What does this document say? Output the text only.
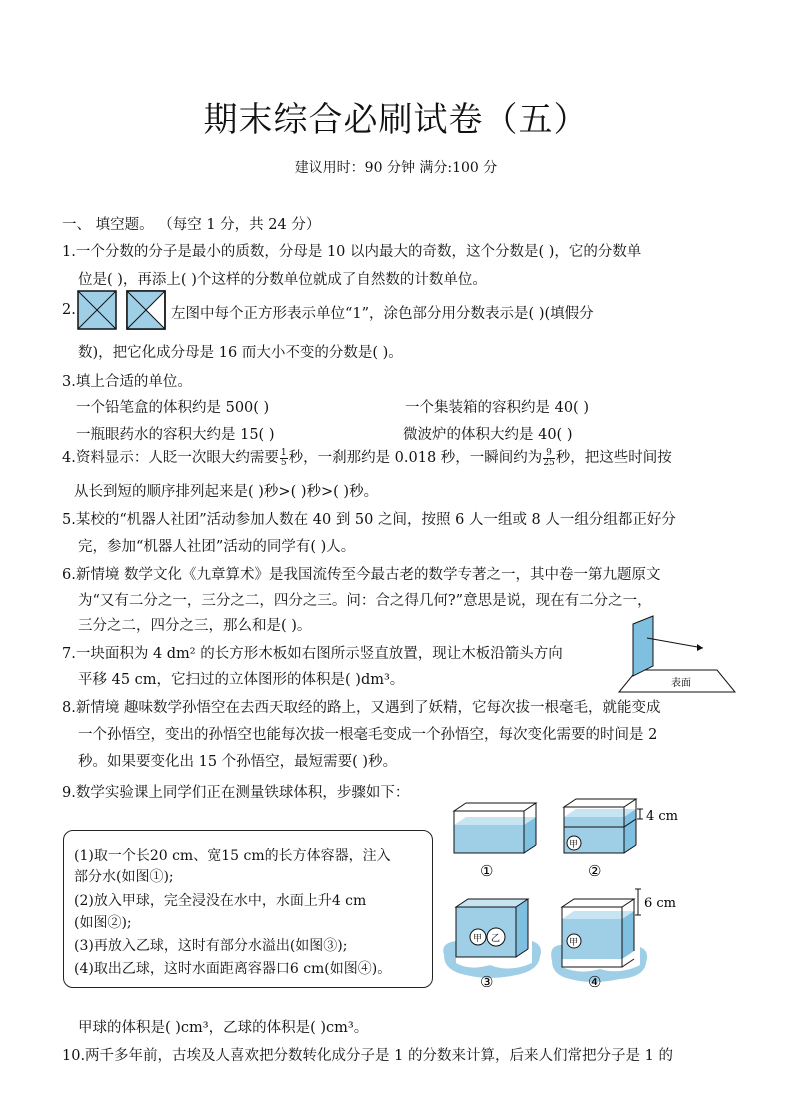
期末综合必刷试卷（五）
建议用时：90 分钟 满分:100 分
一、 填空题。 （每空 1 分，共 24 分）
1.一个分数的分子是最小的质数，分母是 10 以内最大的奇数，这个分数是( )，它的分数单
位是( )，再添上( )个这样的分数单位就成了自然数的计数单位。
2.	左图中每个正方形表示单位“1”，涂色部分用分数表示是( )(填假分
数)，把它化成分母是 16 而大小不变的分数是( )。
3.填上合适的单位。
一个铅笔盒的体积约是 500( )	一个集装箱的容积约是 40( )
一瓶眼药水的容积大约是 15( )	微波炉的体积大约是 40( )
4.资料显示：人眨一次眼大约需要 $\frac{1}{5}$ 秒，一刹那约是 0.018 秒，一瞬间约为 $\frac{9}{25}$ 秒，把这些时间按
从长到短的顺序排列起来是( )秒>( )秒>( )秒。
5.某校的“机器人社团”活动参加人数在 40 到 50 之间，按照 6 人一组或 8 人一组分组都正好分
完，参加“机器人社团”活动的同学有( )人。
6.新情境 数学文化《九章算术》是我国流传至今最古老的数学专著之一，其中卷一第九题原文
为“又有二分之一，三分之二，四分之三。问：合之得几何?”意思是说，现在有二分之一，
三分之二，四分之三，那么和是( )。
7.一块面积为 4 dm² 的长方形木板如右图所示竖直放置，现让木板沿箭头方向
平移 45 cm，它扫过的立体图形的体积是( )dm³。	表面
8.新情境 趣味数学孙悟空在去西天取经的路上，又遇到了妖精，它每次拔一根毫毛，就能变成
一个孙悟空，变出的孙悟空也能每次拔一根毫毛变成一个孙悟空，每次变化需要的时间是 2
秒。如果要变化出 15 个孙悟空，最短需要( )秒。
9.数学实验课上同学们正在测量铁球体积，步骤如下：
(1)取一个长20 cm、宽15 cm的长方体容器，注入
部分水(如图①);
(2)放入甲球，完全浸没在水中，水面上升4 cm
(如图②);
(3)再放入乙球，这时有部分水溢出(如图③);
(4)取出乙球，这时水面距离容器口6 cm(如图④)。
①
甲
4 cm
②
甲 乙
③
甲
6 cm
④
甲球的体积是( )cm³，乙球的体积是( )cm³。
10.两千多年前，古埃及人喜欢把分数转化成分子是 1 的分数来计算，后来人们常把分子是 1 的
